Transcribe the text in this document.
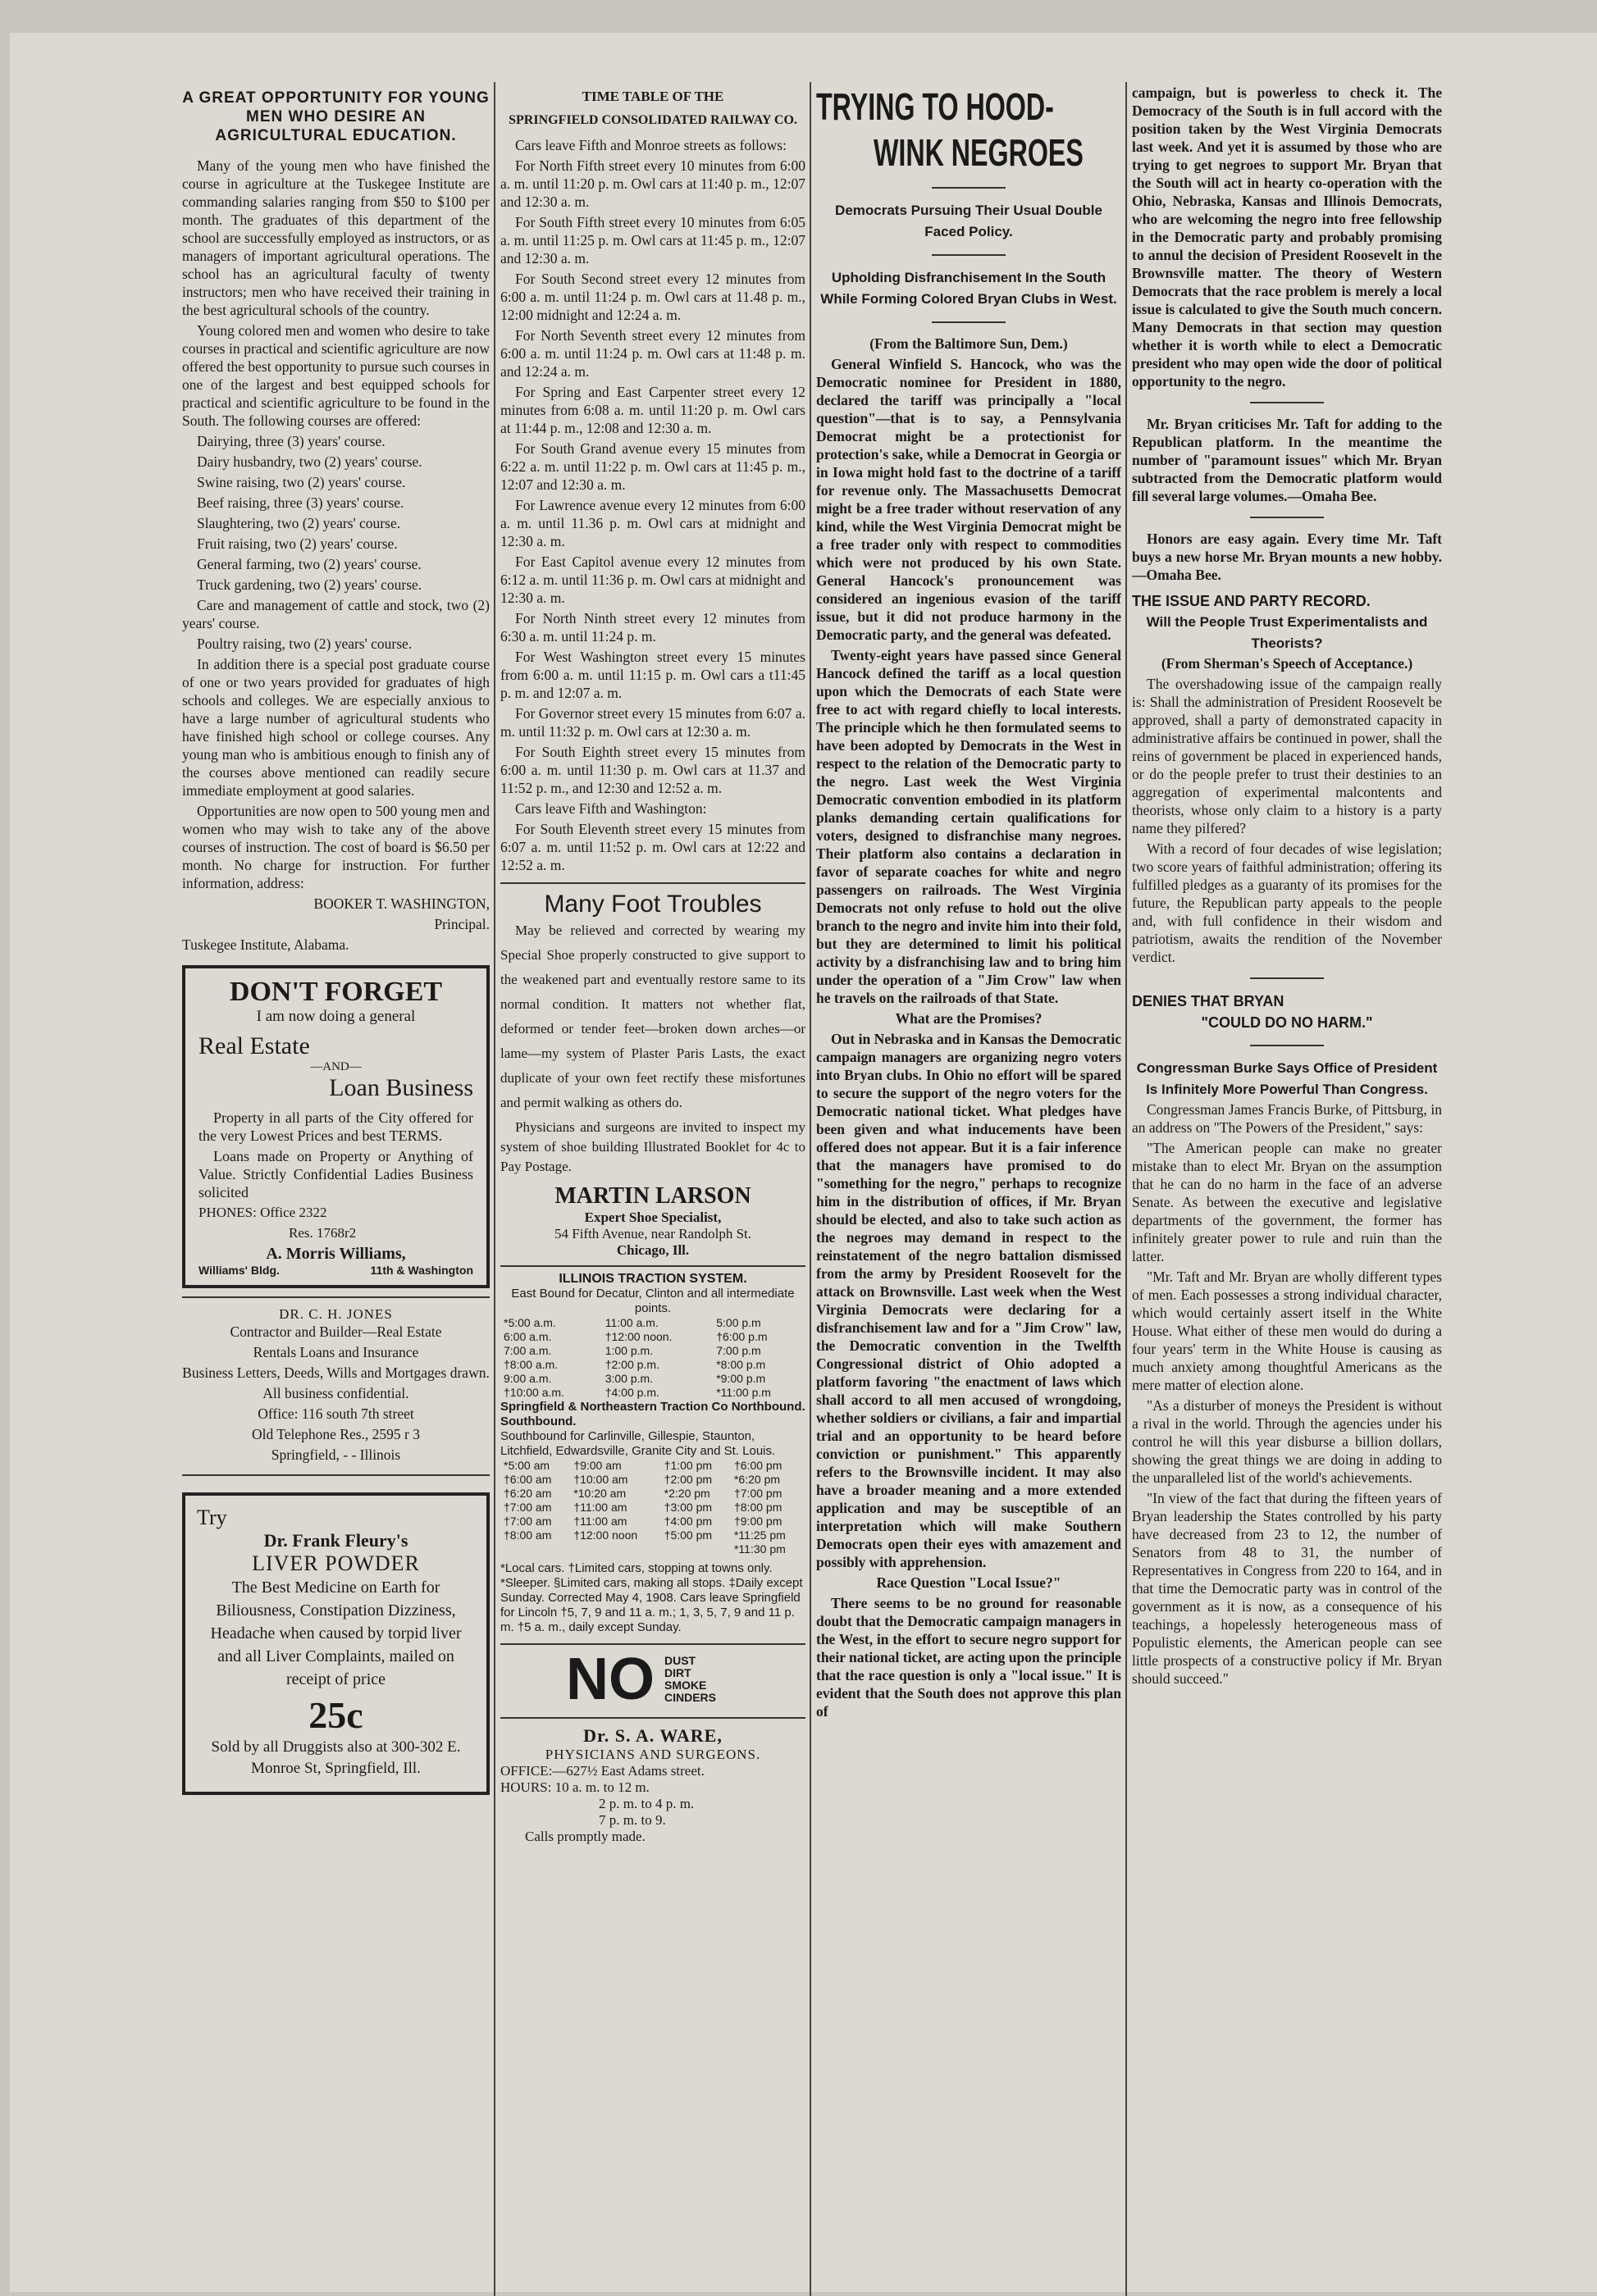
A GREAT OPPORTUNITY FOR YOUNG MEN WHO DESIRE AN AGRICULTURAL EDUCATION.

Many of the young men who have finished the course in agriculture at the Tuskegee Institute are commanding salaries ranging from $50 to $100 per month. The graduates of this department of the school are successfully employed as instructors, or as managers of important agricultural operations. The school has an agricultural faculty of twenty instructors; men who have received their training in the best agricultural schools of the country.

Young colored men and women who desire to take courses in practical and scientific agriculture are now offered the best opportunity to pursue such courses in one of the largest and best equipped schools for practical and scientific agriculture to be found in the South. The following courses are offered:

Dairying, three (3) years' course.

Dairy husbandry, two (2) years' course.

Swine raising, two (2) years' course.

Beef raising, three (3) years' course.

Slaughtering, two (2) years' course.

Fruit raising, two (2) years' course.

General farming, two (2) years' course.

Truck gardening, two (2) years' course.

Care and management of cattle and stock, two (2) years' course.

Poultry raising, two (2) years' course.

In addition there is a special post graduate course of one or two years provided for graduates of high schools and colleges. We are especially anxious to have a large number of agricultural students who have finished high school or college courses. Any young man who is ambitious enough to finish any of the courses above mentioned can readily secure immediate employment at good salaries.

Opportunities are now open to 500 young men and women who may wish to take any of the above courses of instruction. The cost of board is $6.50 per month. No charge for instruction. For further information, address:

BOOKER T. WASHINGTON,

Principal.

Tuskegee Institute, Alabama.

DON'T FORGET
I am now doing a general
Real Estate
—AND—
Loan Business

Property in all parts of the City offered for the very Lowest Prices and best TERMS.

Loans made on Property or Anything of Value. Strictly Confidential Ladies Business solicited

PHONES: Office 2322

Res. 1768r2

A. Morris Williams,
Williams' Bldg.	11th & Washington
DR. C. H. JONES

Contractor and Builder—Real Estate

Rentals Loans and Insurance

Business Letters, Deeds, Wills and Mortgages drawn.

All business confidential.

Office: 116 south 7th street

Old Telephone Res., 2595 r 3

Springfield, - - Illinois

Try
Dr. Frank Fleury's
LIVER POWDER

The Best Medicine on Earth for Biliousness, Constipation Dizziness, Headache when caused by torpid liver and all Liver Complaints, mailed on receipt of price

25c

Sold by all Druggists also at 300-302 E. Monroe St, Springfield, Ill.

TIME TABLE OF THE
SPRINGFIELD CONSOLIDATED RAILWAY CO.

Cars leave Fifth and Monroe streets as follows:

For North Fifth street every 10 minutes from 6:00 a. m. until 11:20 p. m. Owl cars at 11:40 p. m., 12:07 and 12:30 a. m.

For South Fifth street every 10 minutes from 6:05 a. m. until 11:25 p. m. Owl cars at 11:45 p. m., 12:07 and 12:30 a. m.

For South Second street every 12 minutes from 6:00 a. m. until 11:24 p. m. Owl cars at 11.48 p. m., 12:00 midnight and 12:24 a. m.

For North Seventh street every 12 minutes from 6:00 a. m. until 11:24 p. m. Owl cars at 11:48 p. m. and 12:24 a. m.

For Spring and East Carpenter street every 12 minutes from 6:08 a. m. until 11:20 p. m. Owl cars at 11:44 p. m., 12:08 and 12:30 a. m.

For South Grand avenue every 15 minutes from 6:22 a. m. until 11:22 p. m. Owl cars at 11:45 p. m., 12:07 and 12:30 a. m.

For Lawrence avenue every 12 minutes from 6:00 a. m. until 11.36 p. m. Owl cars at midnight and 12:30 a. m.

For East Capitol avenue every 12 minutes from 6:12 a. m. until 11:36 p. m. Owl cars at midnight and 12:30 a. m.

For North Ninth street every 12 minutes from 6:30 a. m. until 11:24 p. m.

For West Washington street every 15 minutes from 6:00 a. m. until 11:15 p. m. Owl cars a t11:45 p. m. and 12:07 a. m.

For Governor street every 15 minutes from 6:07 a. m. until 11:32 p. m. Owl cars at 12:30 a. m.

For South Eighth street every 15 minutes from 6:00 a. m. until 11:30 p. m. Owl cars at 11.37 and 11:52 p. m., and 12:30 and 12:52 a. m.

Cars leave Fifth and Washington:

For South Eleventh street every 15 minutes from 6:07 a. m. until 11:52 p. m. Owl cars at 12:22 and 12:52 a. m.

Many Foot Troubles

May be relieved and corrected by wearing my Special Shoe properly constructed to give support to the weakened part and eventually restore same to its normal condition. It matters not whether flat, deformed or tender feet—broken down arches—or lame—my system of Plaster Paris Lasts, the exact duplicate of your own feet rectify these misfortunes and permit walking as others do.

Physicians and surgeons are invited to inspect my system of shoe building Illustrated Booklet for 4c to Pay Postage.

MARTIN LARSON
Expert Shoe Specialist,
54 Fifth Avenue, near Randolph St.
Chicago, Ill.
ILLINOIS TRACTION SYSTEM.
East Bound for Decatur, Clinton and all intermediate points.
*5:00 a.m.	11:00 a.m.	5:00 p.m
6:00 a.m.	†12:00 noon.	†6:00 p.m
7:00 a.m.	1:00 p.m.	7:00 p.m
†8:00 a.m.	†2:00 p.m.	*8:00 p.m
9:00 a.m.	3:00 p.m.	*9:00 p.m
†10:00 a.m.	†4:00 p.m.	*11:00 p.m
Springfield & Northeastern Traction Co Northbound. Southbound.
Southbound for Carlinville, Gillespie, Staunton, Litchfield, Edwardsville, Granite City and St. Louis.
*5:00 am	†9:00 am	†1:00 pm	†6:00 pm
†6:00 am	†10:00 am	†2:00 pm	*6:20 pm
†6:20 am	*10:20 am	*2:20 pm	†7:00 pm
†7:00 am	†11:00 am	†3:00 pm	†8:00 pm
†7:00 am	†11:00 am	†4:00 pm	†9:00 pm
†8:00 am	†12:00 noon	†5:00 pm	*11:25 pm
			*11:30 pm
*Local cars. †Limited cars, stopping at towns only. *Sleeper. §Limited cars, making all stops. ‡Daily except Sunday. Corrected May 4, 1908. Cars leave Springfield for Lincoln †5, 7, 9 and 11 a. m.; 1, 3, 5, 7, 9 and 11 p. m. †5 a. m., daily except Sunday.
NO DUST
DIRT
SMOKE
CINDERS
Dr. S. A. WARE,
PHYSICIANS AND SURGEONS.
OFFICE:—627½ East Adams street.
HOURS: 10 a. m. to 12 m.
2 p. m. to 4 p. m.
7 p. m. to 9.
Calls promptly made.
TRYING TO HOOD-
WINK NEGROES
Democrats Pursuing Their Usual Double Faced Policy.
Upholding Disfranchisement In the South While Forming Colored Bryan Clubs in West.

(From the Baltimore Sun, Dem.)

General Winfield S. Hancock, who was the Democratic nominee for President in 1880, declared the tariff was principally a "local question"—that is to say, a Pennsylvania Democrat might be a protectionist for protection's sake, while a Democrat in Georgia or in Iowa might hold fast to the doctrine of a tariff for revenue only. The Massachusetts Democrat might be a free trader without reservation of any kind, while the West Virginia Democrat might be a free trader only with respect to commodities which were not produced by his own State. General Hancock's pronouncement was considered an ingenious evasion of the tariff issue, but it did not produce harmony in the Democratic party, and the general was defeated.

Twenty-eight years have passed since General Hancock defined the tariff as a local question upon which the Democrats of each State were free to act with regard chiefly to local interests. The principle which he then formulated seems to have been adopted by Democrats in the West in respect to the relation of the Democratic party to the negro. Last week the West Virginia Democratic convention embodied in its platform planks demanding certain qualifications for voters, designed to disfranchise many negroes. Their platform also contains a declaration in favor of separate coaches for white and negro passengers on railroads. The West Virginia Democrats not only refuse to hold out the olive branch to the negro and invite him into their fold, but they are determined to limit his political activity by a disfranchising law and to bring him under the operation of a "Jim Crow" law when he travels on the railroads of that State.

What are the Promises?

Out in Nebraska and in Kansas the Democratic campaign managers are organizing negro voters into Bryan clubs. In Ohio no effort will be spared to secure the support of the negro voters for the Democratic national ticket. What pledges have been given and what inducements have been offered does not appear. But it is a fair inference that the managers have promised to do "something for the negro," perhaps to recognize him in the distribution of offices, if Mr. Bryan should be elected, and also to take such action as the negroes may demand in respect to the reinstatement of the negro battalion dismissed from the army by President Roosevelt for the attack on Brownsville. Last week when the West Virginia Democrats were declaring for a disfranchisement law and for a "Jim Crow" law, the Democratic convention in the Twelfth Congressional district of Ohio adopted a platform favoring "the enactment of laws which shall accord to all men accused of wrongdoing, whether soldiers or civilians, a fair and impartial trial and an opportunity to be heard before conviction or punishment." This apparently refers to the Brownsville incident. It may also have a broader meaning and a more extended application and may be susceptible of an interpretation which will make Southern Democrats open their eyes with amazement and possibly with apprehension.

Race Question "Local Issue?"

There seems to be no ground for reasonable doubt that the Democratic campaign managers in the West, in the effort to secure negro support for their national ticket, are acting upon the principle that the race question is only a "local issue." It is evident that the South does not approve this plan of

campaign, but is powerless to check it. The Democracy of the South is in full accord with the position taken by the West Virginia Democrats last week. And yet it is assumed by those who are trying to get negroes to support Mr. Bryan that the South will act in hearty co-operation with the Ohio, Nebraska, Kansas and Illinois Democrats, who are welcoming the negro into free fellowship in the Democratic party and probably promising to annul the decision of President Roosevelt in the Brownsville matter. The theory of Western Democrats that the race problem is merely a local issue is calculated to give the South much concern. Many Democrats in that section may question whether it is worth while to elect a Democratic president who may open wide the door of political opportunity to the negro.

Mr. Bryan criticises Mr. Taft for adding to the Republican platform. In the meantime the number of "paramount issues" which Mr. Bryan subtracted from the Democratic platform would fill several large volumes.—Omaha Bee.

Honors are easy again. Every time Mr. Taft buys a new horse Mr. Bryan mounts a new hobby.—Omaha Bee.

THE ISSUE AND PARTY RECORD.
Will the People Trust Experimentalists and Theorists?

(From Sherman's Speech of Acceptance.)

The overshadowing issue of the campaign really is: Shall the administration of President Roosevelt be approved, shall a party of demonstrated capacity in administrative affairs be continued in power, shall the reins of government be placed in experienced hands, or do the people prefer to trust their destinies to an aggregation of experimental malcontents and theorists, whose only claim to a history is a party name they pilfered?

With a record of four decades of wise legislation; two score years of faithful administration; offering its fulfilled pledges as a guaranty of its promises for the future, the Republican party appeals to the people and, with full confidence in their wisdom and patriotism, awaits the rendition of the November verdict.

DENIES THAT BRYAN
"COULD DO NO HARM."
Congressman Burke Says Office of President Is Infinitely More Powerful Than Congress.

Congressman James Francis Burke, of Pittsburg, in an address on "The Powers of the President," says:

"The American people can make no greater mistake than to elect Mr. Bryan on the assumption that he can do no harm in the face of an adverse Senate. As between the executive and legislative departments of the government, the former has infinitely greater power to rule and ruin than the latter.

"Mr. Taft and Mr. Bryan are wholly different types of men. Each possesses a strong individual character, which would certainly assert itself in the White House. What either of these men would do during a four years' term in the White House is causing as much anxiety among thoughtful Americans as the mere matter of election alone.

"As a disturber of moneys the President is without a rival in the world. Through the agencies under his control he will this year disburse a billion dollars, showing the great things we are doing in adding to the unparalleled list of the world's achievements.

"In view of the fact that during the fifteen years of Bryan leadership the States controlled by his party have decreased from 23 to 12, the number of Senators from 48 to 31, the number of Representatives in Congress from 220 to 164, and in that time the Democratic party was in control of the government as it is now, as a consequence of his teachings, a hopelessly heterogeneous mass of Populistic elements, the American people can see little prospects of a constructive policy if Mr. Bryan should succeed."
